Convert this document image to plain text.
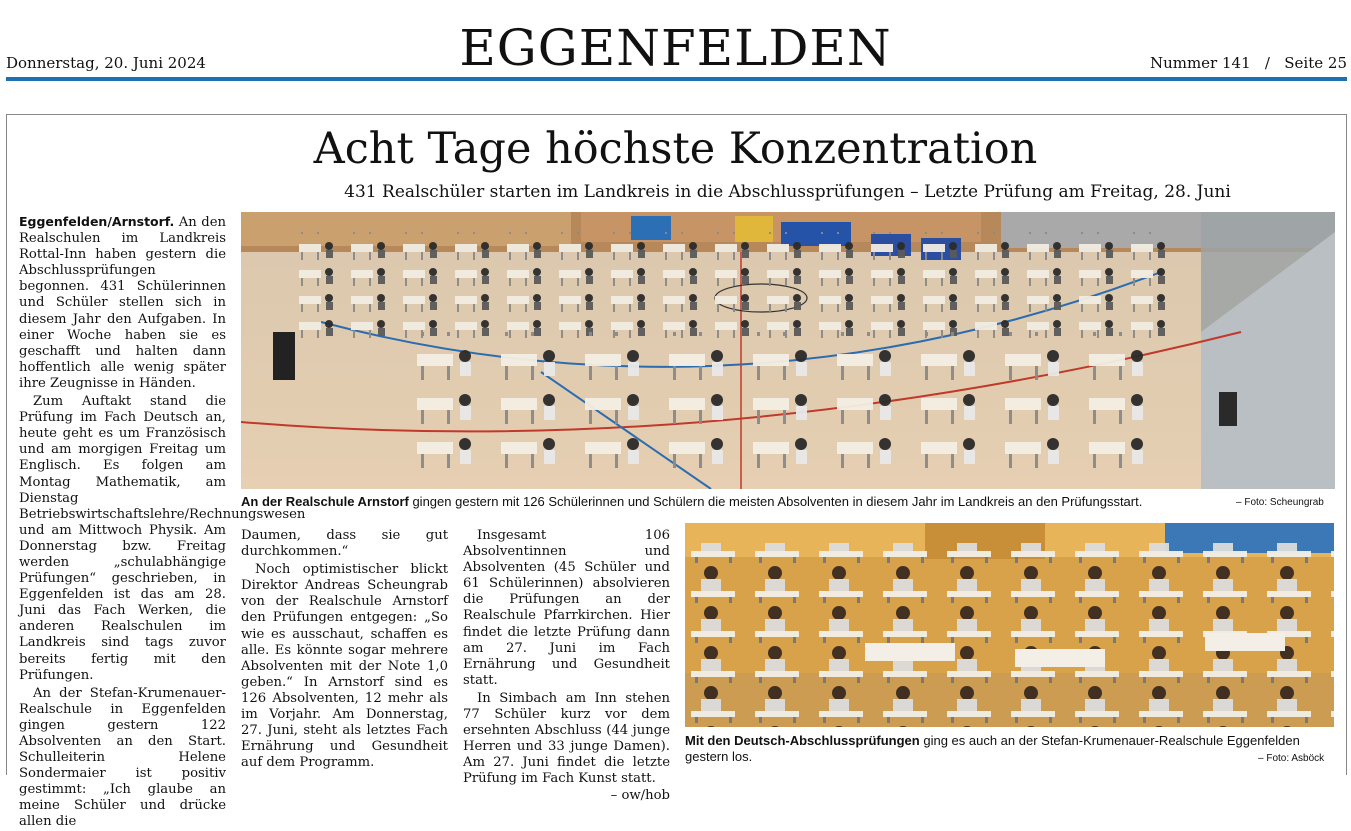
Donnerstag, 20. Juni 2024	EGGENFELDEN	Nummer 141   /   Seite 25
Acht Tage höchste Konzentration
431 Realschüler starten im Landkreis in die Abschlussprüfungen – Letzte Prüfung am Freitag, 28. Juni

Eggenfelden/Arnstorf. An den Realschulen im Landkreis Rottal-Inn haben gestern die Abschlussprüfungen begonnen. 431 Schülerinnen und Schüler stellen sich in diesem Jahr den Aufgaben. In einer Woche haben sie es geschafft und halten dann hoffentlich alle wenig später ihre Zeugnisse in Händen.

Zum Auftakt stand die Prüfung im Fach Deutsch an, heute geht es um Französisch und am morgigen Freitag um Englisch. Es folgen am Montag Mathematik, am Dienstag Betriebswirtschaftslehre/Rechnungswesen und am Mittwoch Physik. Am Donnerstag bzw. Freitag werden „schulabhängige Prüfungen“ geschrieben, in Eggenfelden ist das am 28. Juni das Fach Werken, die anderen Realschulen im Landkreis sind tags zuvor bereits fertig mit den Prüfungen.

An der Stefan-Krumenauer-Realschule in Eggenfelden gingen gestern 122 Absolventen an den Start. Schulleiterin Helene Sondermaier ist positiv gestimmt: „Ich glaube an meine Schüler und drücke allen die

An der Realschule Arnstorf gingen gestern mit 126 Schülerinnen und Schülern die meisten Absolventen in diesem Jahr im Landkreis an den Prüfungsstart.	– Foto: Scheungrab

Daumen, dass sie gut durchkommen.“

Noch optimistischer blickt Direktor Andreas Scheungrab von der Realschule Arnstorf den Prüfungen entgegen: „So wie es ausschaut, schaffen es alle. Es könnte sogar mehrere Absolventen mit der Note 1,0 geben.“ In Arnstorf sind es 126 Absolventen, 12 mehr als im Vorjahr. Am Donnerstag, 27. Juni, steht als letztes Fach Ernährung und Gesundheit auf dem Programm.

Insgesamt 106 Absolventinnen und Absolventen (45 Schüler und 61 Schülerinnen) absolvieren die Prüfungen an der Realschule Pfarrkirchen. Hier findet die letzte Prüfung dann am 27. Juni im Fach Ernährung und Gesundheit statt.

In Simbach am Inn stehen 77 Schüler kurz vor dem ersehnten Abschluss (44 junge Herren und 33 junge Damen). Am 27. Juni findet die letzte Prüfung im Fach Kunst statt.
– ow/hob

Mit den Deutsch-Abschlussprüfungen ging es auch an der Stefan-Krumenauer-Realschule Eggenfelden gestern los.	– Foto: Asböck
